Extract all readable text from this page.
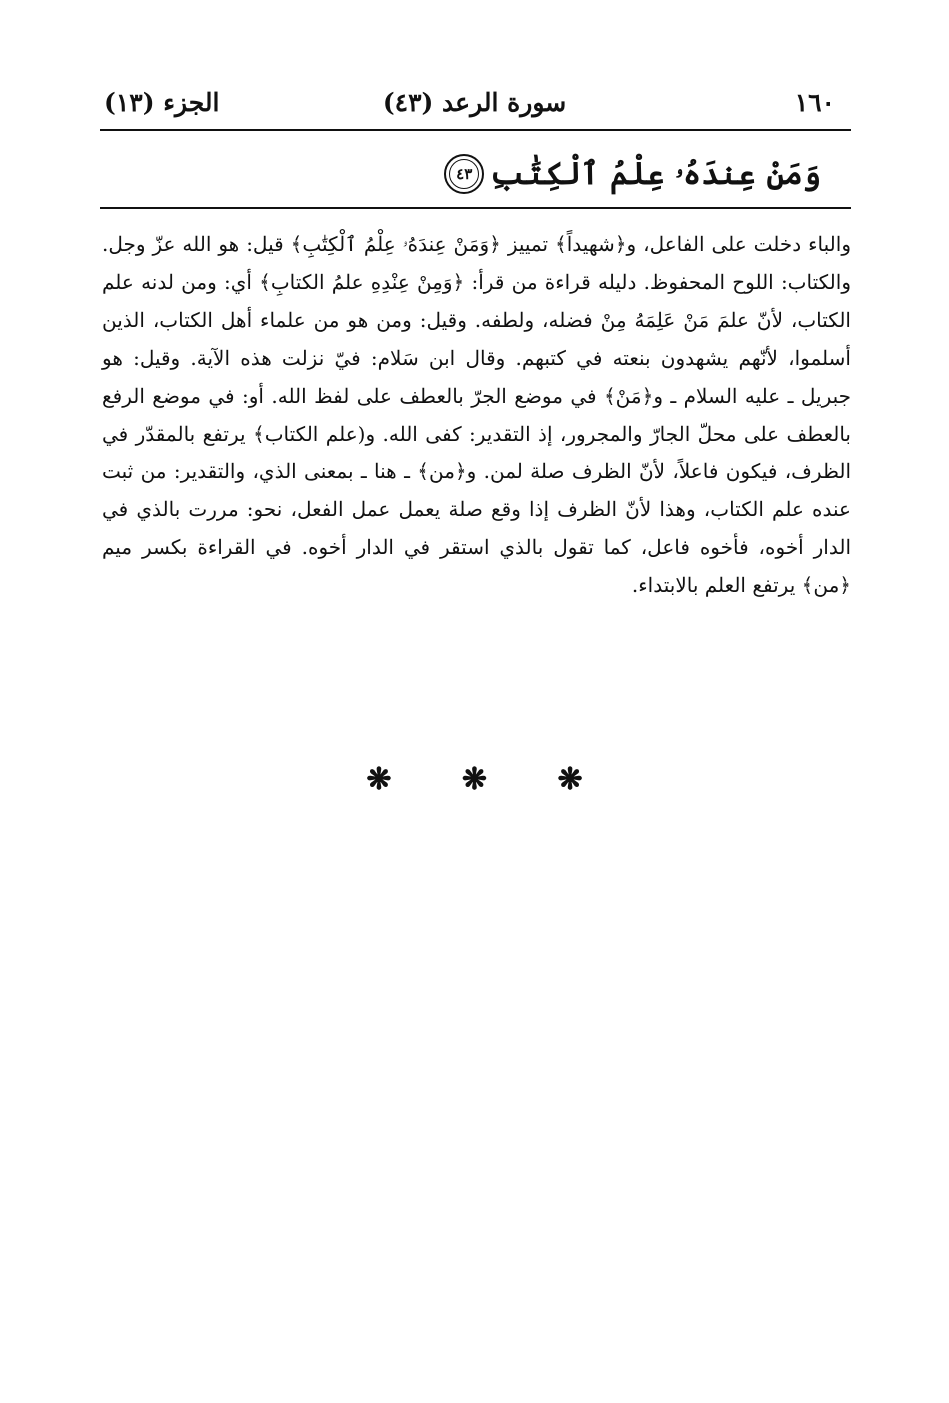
١٦٠
سورة الرعد (٤٣)
الجزء (١٣)
وَمَنْ عِندَهُۥ عِلْمُ ٱلْكِتَٰبِ
٤٣

والباء دخلت على الفاعل، و﴿شهيداً﴾ تمييز ﴿وَمَنْ عِندَهُۥ عِلْمُ ٱلْكِتَٰبِ﴾ قيل: هو الله عزّ وجل. والكتاب: اللوح المحفوظ. دليله قراءة من قرأ: ﴿وَمِنْ عِنْدِهِ علمُ الكتابِ﴾ أي: ومن لدنه علم الكتاب، لأنّ علمَ مَنْ عَلِمَهُ مِنْ فضله، ولطفه. وقيل: ومن هو من علماء أهل الكتاب، الذين أسلموا، لأنّهم يشهدون بنعته في كتبهم. وقال ابن سَلام: فيّ نزلت هذه الآية. وقيل: هو جبريل ـ عليه السلام ـ و﴿مَنْ﴾ في موضع الجرّ بالعطف على لفظ الله. أو: في موضع الرفع بالعطف على محلّ الجارّ والمجرور، إذ التقدير: كفى الله. و(علم الكتاب﴾ يرتفع بالمقدّر في الظرف، فيكون فاعلاً، لأنّ الظرف صلة لمن. و﴿من﴾ ـ هنا ـ بمعنى الذي، والتقدير: من ثبت عنده علم الكتاب، وهذا لأنّ الظرف إذا وقع صلة يعمل عمل الفعل، نحو: مررت بالذي في الدار أخوه، فأخوه فاعل، كما تقول بالذي استقر في الدار أخوه. في القراءة بكسر ميم ﴿من﴾ يرتفع العلم بالابتداء.

❋ ❋ ❋
